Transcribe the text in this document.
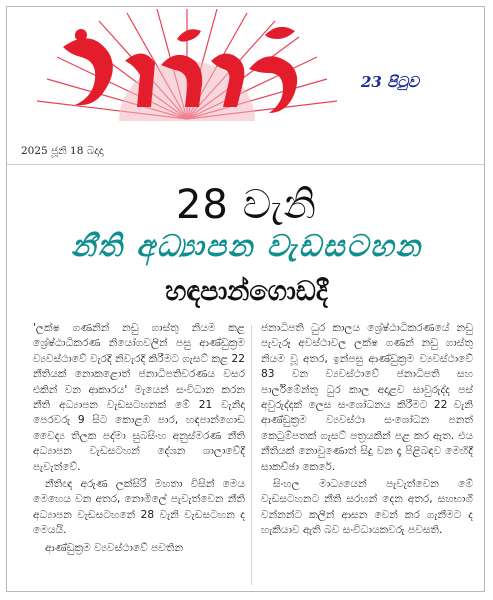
23 පිටුව
2025 ජූනි 18 බදාදා
28 වැනි
නීති අධ්‍යාපන වැඩසටහන
හඳපාන්ගොඩදී

'ලක්ෂ ගණනින් නඩු ගාස්තු නියම කළ ශ්‍රේෂ්ඨාධිකරණ නියෝගවලින් පසු ආණ්ඩුක්‍රම ව්‍යවස්ථාවේ වැරදි නිවැරදි කිරීමට ගැසට් කළ 22 නීතියක් නොකළොත් ජනාධිපතිවරණය වසර එකින් වන ආකාරය' මැයෙන් සංවිධාන කරන නීති අධ්‍යාපන වැඩසටහනක් මේ 21 වැනිදා පෙරවරු 9 සිට කොළඹ පාර, හඳපාන්ගොඩ වෛද්‍ය තිලක පද්මා සුබසිංහ අනුස්මරණ නීති අධ්‍යාපන වැඩසටහන් දේශන ශාලාවේදී පැවැත්වේ.

නීතිඥ අරුණ ලක්සිරි මහතා විසින් මෙය මෙහෙය වන අතර, නොමිලේ පැවැත්වෙන නීති අධ්‍යාපන වැඩසටහනේ 28 වැනි වැඩසටහන ද මෙයයි.

ආණ්ඩුක්‍රම ව්‍යවස්ථාවේ පවතින

ජනාධිපති ධුර කාලය ශ්‍රේෂ්ඨාධිකරණයේ නඩු පැවැරූ අවස්ථාවල ලක්ෂ ගණන් නඩු ගාස්තු නියම වූ අතර, ඉන්පසු ආණ්ඩුක්‍රම ව්‍යවස්ථාවේ 83 වන ව්‍යවස්ථාවේ ජනාධිපති සහ පාර්ලිමේන්තු ධුර කාල අදාළව සාවුරුද්ද පස් අවුරුද්දක් ලෙස සංශෝධනය කිරීමට 22 වැනි ආණ්ඩුක්‍රම ව්‍යවස්ථා සංශෝධන පනත් කෙටුම්පතක් ගැසට් පත්‍රයකින් පළ කර ඇත. එය නීතියක් නොවුණොත් සිදු වන දෑ පිළිබඳව මෙහිදී සාකච්ඡා කෙරේ.

සිංහල මාධ්‍යයෙන් පැවැත්වෙන මේ වැඩසටහනට නීති සරහන් දෙන අතර, සහභාගී වන්නන්ට කලින් ආසන වෙන් කර ගැනීමට ද හැකියාව ඇති බව සංවිධායකවරු පවසති.
